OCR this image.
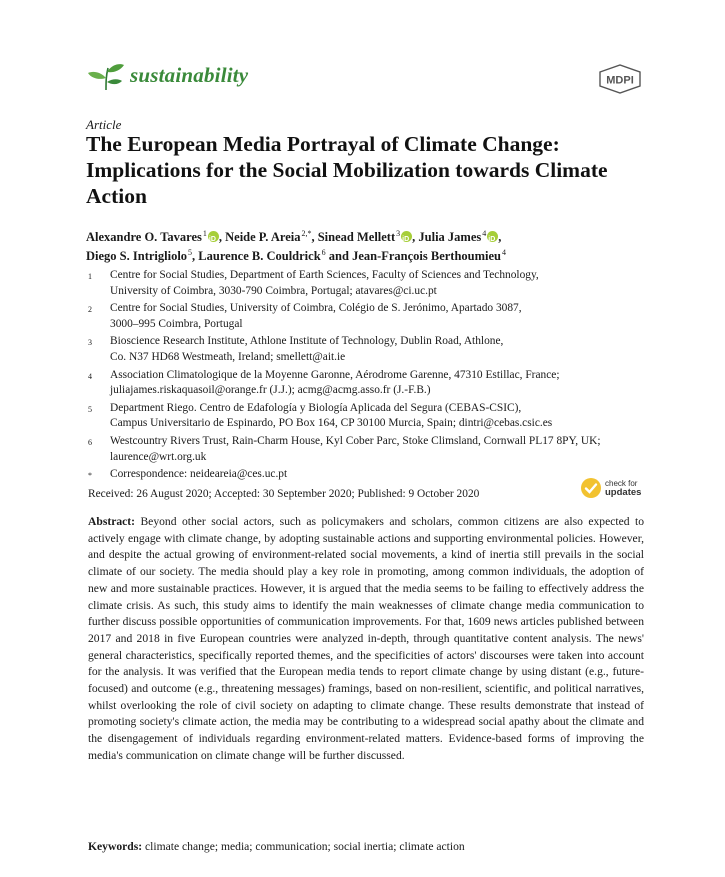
sustainability	MDPI
Article
The European Media Portrayal of Climate Change: Implications for the Social Mobilization towards Climate Action
Alexandre O. Tavares$^1$ iD , Neide P. Areia$^{2,*}$, Sinead Mellett$^3$ iD , Julia James$^4$ iD ,
Diego S. Intrigliolo$^5$, Laurence B. Couldrick$^6$ and Jean-François Berthoumieu$^4$
1	Centre for Social Studies, Department of Earth Sciences, Faculty of Sciences and Technology,
University of Coimbra, 3030-790 Coimbra, Portugal; atavares@ci.uc.pt
2	Centre for Social Studies, University of Coimbra, Colégio de S. Jerónimo, Apartado 3087,
3000–995 Coimbra, Portugal
3	Bioscience Research Institute, Athlone Institute of Technology, Dublin Road, Athlone,
Co. N37 HD68 Westmeath, Ireland; smellett@ait.ie
4	Association Climatologique de la Moyenne Garonne, Aérodrome Garenne, 47310 Estillac, France;
juliajames.riskaquasoil@orange.fr (J.J.); acmg@acmg.asso.fr (J.-F.B.)
5	Department Riego. Centro de Edafología y Biología Aplicada del Segura (CEBAS-CSIC),
Campus Universitario de Espinardo, PO Box 164, CP 30100 Murcia, Spain; dintri@cebas.csic.es
6	Westcountry Rivers Trust, Rain-Charm House, Kyl Cober Parc, Stoke Climsland, Cornwall PL17 8PY, UK;
laurence@wrt.org.uk
*	Correspondence: neideareia@ces.uc.pt
Received: 26 August 2020; Accepted: 30 September 2020; Published: 9 October 2020
check for
updates

Abstract: Beyond other social actors, such as policymakers and scholars, common citizens are also expected to actively engage with climate change, by adopting sustainable actions and supporting environmental policies. However, and despite the actual growing of environment-related social movements, a kind of inertia still prevails in the social climate of our society. The media should play a key role in promoting, among common individuals, the adoption of new and more sustainable practices. However, it is argued that the media seems to be failing to effectively address the climate crisis. As such, this study aims to identify the main weaknesses of climate change media communication to further discuss possible opportunities of communication improvements. For that, 1609 news articles published between 2017 and 2018 in five European countries were analyzed in-depth, through quantitative content analysis. The news' general characteristics, specifically reported themes, and the specificities of actors' discourses were taken into account for the analysis. It was verified that the European media tends to report climate change by using distant (e.g., future-focused) and outcome (e.g., threatening messages) framings, based on non-resilient, scientific, and political narratives, whilst overlooking the role of civil society on adapting to climate change. These results demonstrate that instead of promoting society's climate action, the media may be contributing to a widespread social apathy about the climate and the disengagement of individuals regarding environment-related matters. Evidence-based forms of improving the media's communication on climate change will be further discussed.

Keywords: climate change; media; communication; social inertia; climate action
